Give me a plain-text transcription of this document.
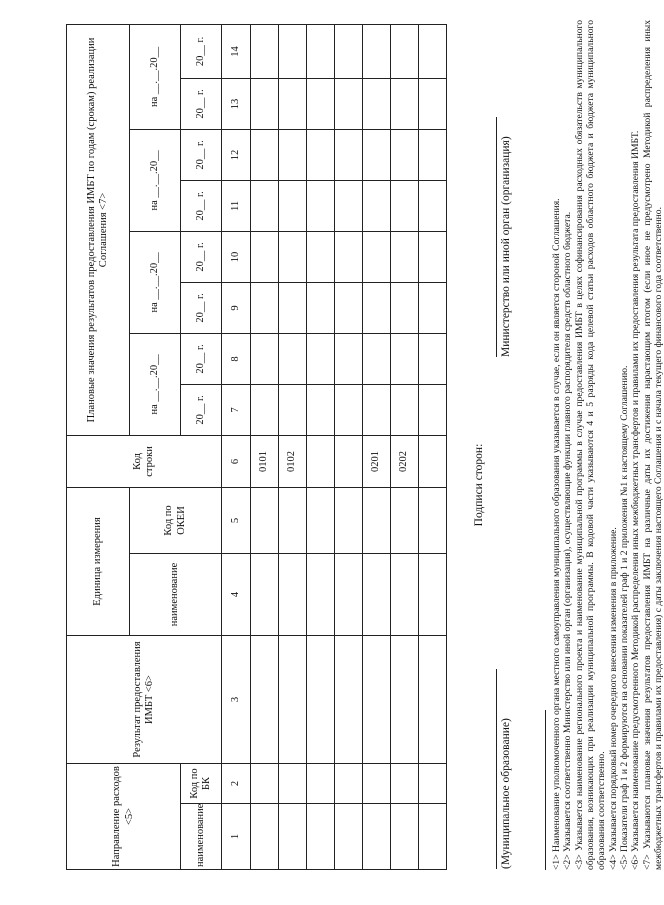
Направление расходов <5>		Результат предоставления ИМБТ <6>	Единица измерения		Код строки	Плановые значения результатов предоставления ИМБТ по годам (срокам) реализации Соглашения <7>							
			наименование	Код по ОКЕИ		на __.__.20__		на __.__.20__		на __.__.20__		на __.__.20__	
наименование	Код по БК					20__ г.	20__ г.	20__ г.	20__ г.	20__ г.	20__ г.	20__ г.	20__ г.
1	2	3	4	5	6	7	8	9	10	11	12	13	14
					0101								
					0102								

					0201								
					0202								
														Подписи сторон:
(Муниципальное образование)
Министерство или иной орган (организация)	<1> Наименование уполномоченного органа местного самоуправления муниципального образования указывается в случае, если он является стороной Соглашения. <2> Указывается соответственно Министерство или иной орган (организация), осуществляющие функции главного распорядителя средств областного бюджета. <3> Указывается наименование регионального проекта и наименование муниципальной программы в случае предоставления ИМБТ в целях софинансирования расходных обязательств муниципального образования, возникающих при реализации муниципальной программы. В кодовой части указываются 4 и 5 разряды кода целевой статьи расходов областного бюджета и бюджета муниципального образования соответственно. <4> Указывается порядковый номер очередного внесения изменения в приложение. <5> Показатели граф 1 и 2 формируются на основании показателей граф 1 и 2 приложения №1 к настоящему Соглашению. <6> Указывается наименование предусмотренного Методикой распределения иных межбюджетных трансфертов и правилами их предоставления результата предоставления ИМБТ. <7> Указываются плановые значения результатов предоставления ИМБТ на различные даты их достижения нарастающим итогом (если иное не предусмотрено Методикой распределения иных межбюджетных трансфертов и правилами их предоставления) с даты заключения настоящего Соглашения и с начала текущего финансового года соответственно.
